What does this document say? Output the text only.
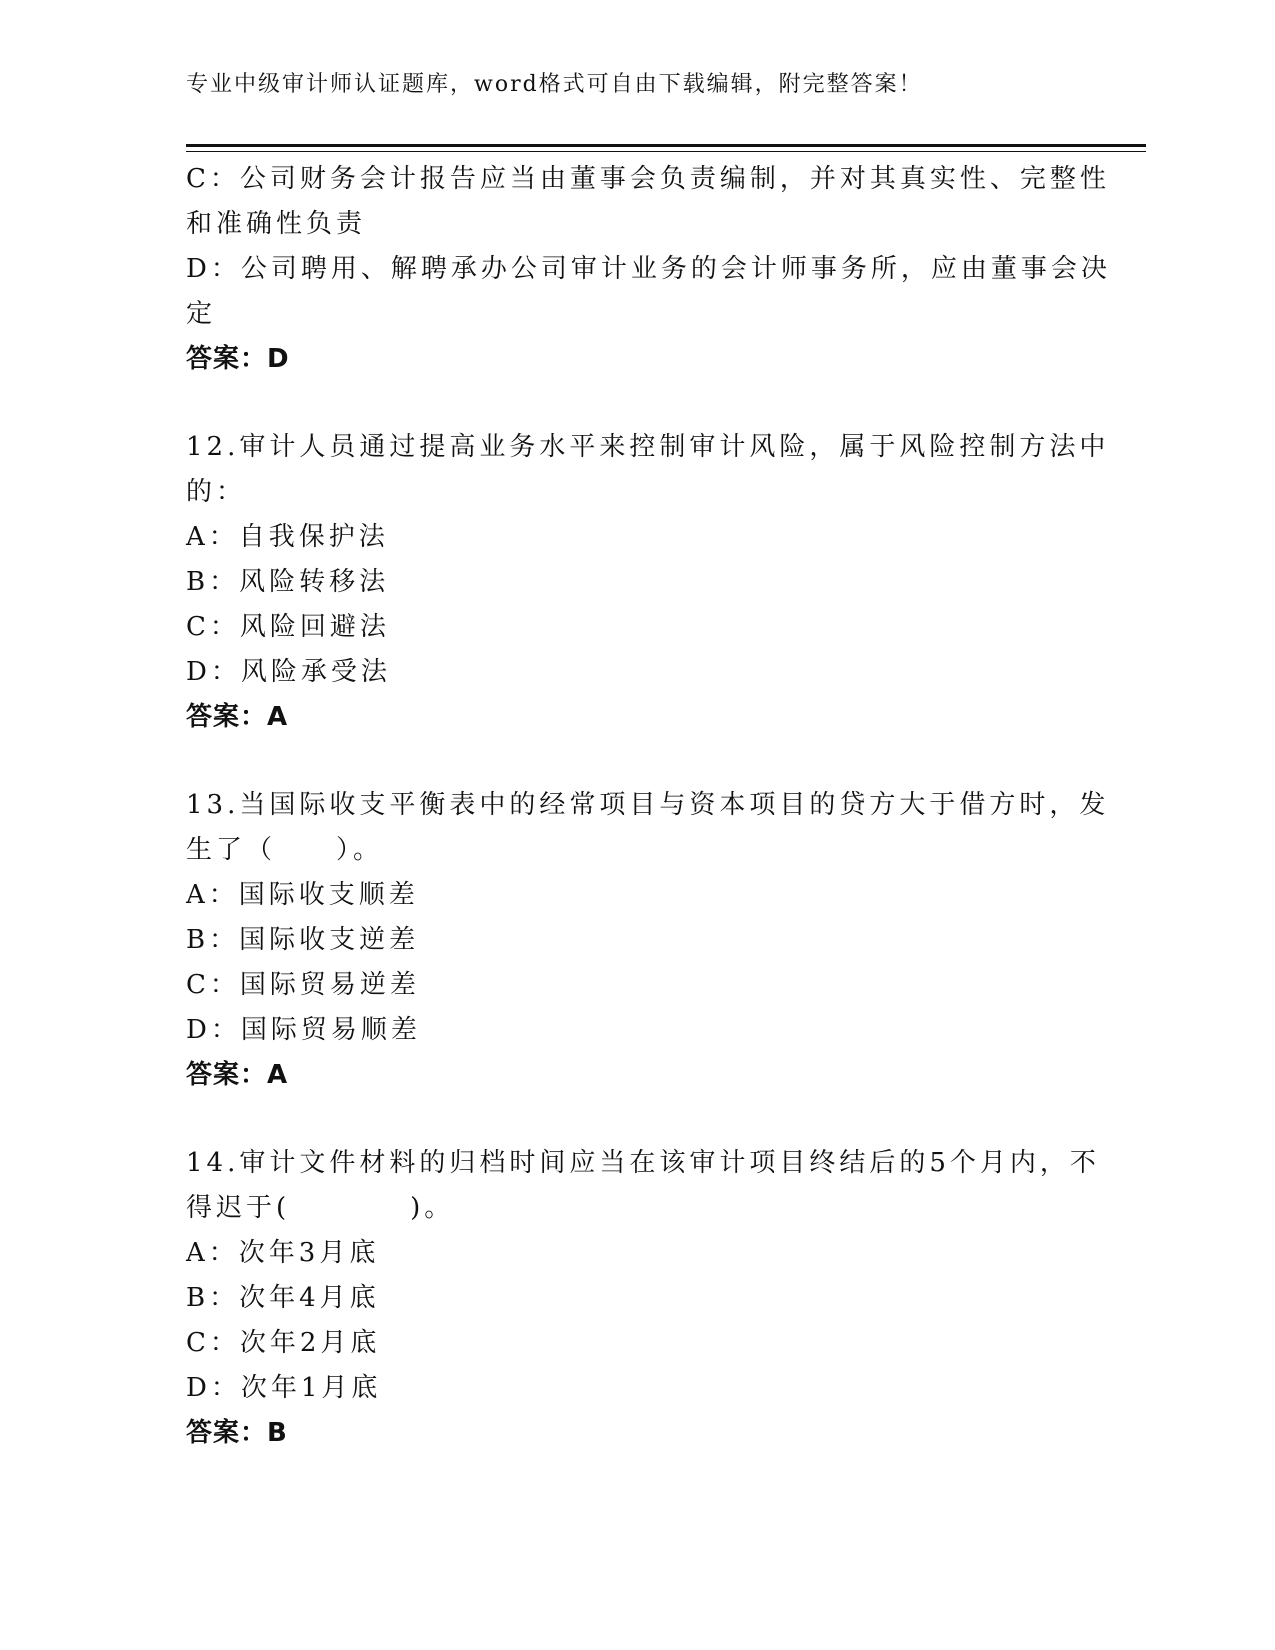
专业中级审计师认证题库，word格式可自由下载编辑，附完整答案！
C：公司财务会计报告应当由董事会负责编制，并对其真实性、完整性
和准确性负责
D：公司聘用、解聘承办公司审计业务的会计师事务所，应由董事会决
定
答案：D
12.审计人员通过提高业务水平来控制审计风险，属于风险控制方法中
的：
A：自我保护法
B：风险转移法
C：风险回避法
D：风险承受法
答案：A
13.当国际收支平衡表中的经常项目与资本项目的贷方大于借方时，发
生了（　　）。
A：国际收支顺差
B：国际收支逆差
C：国际贸易逆差
D：国际贸易顺差
答案：A
14.审计文件材料的归档时间应当在该审计项目终结后的5个月内，不
得迟于(　　　　)。
A：次年3月底
B：次年4月底
C：次年2月底
D：次年1月底
答案：B
